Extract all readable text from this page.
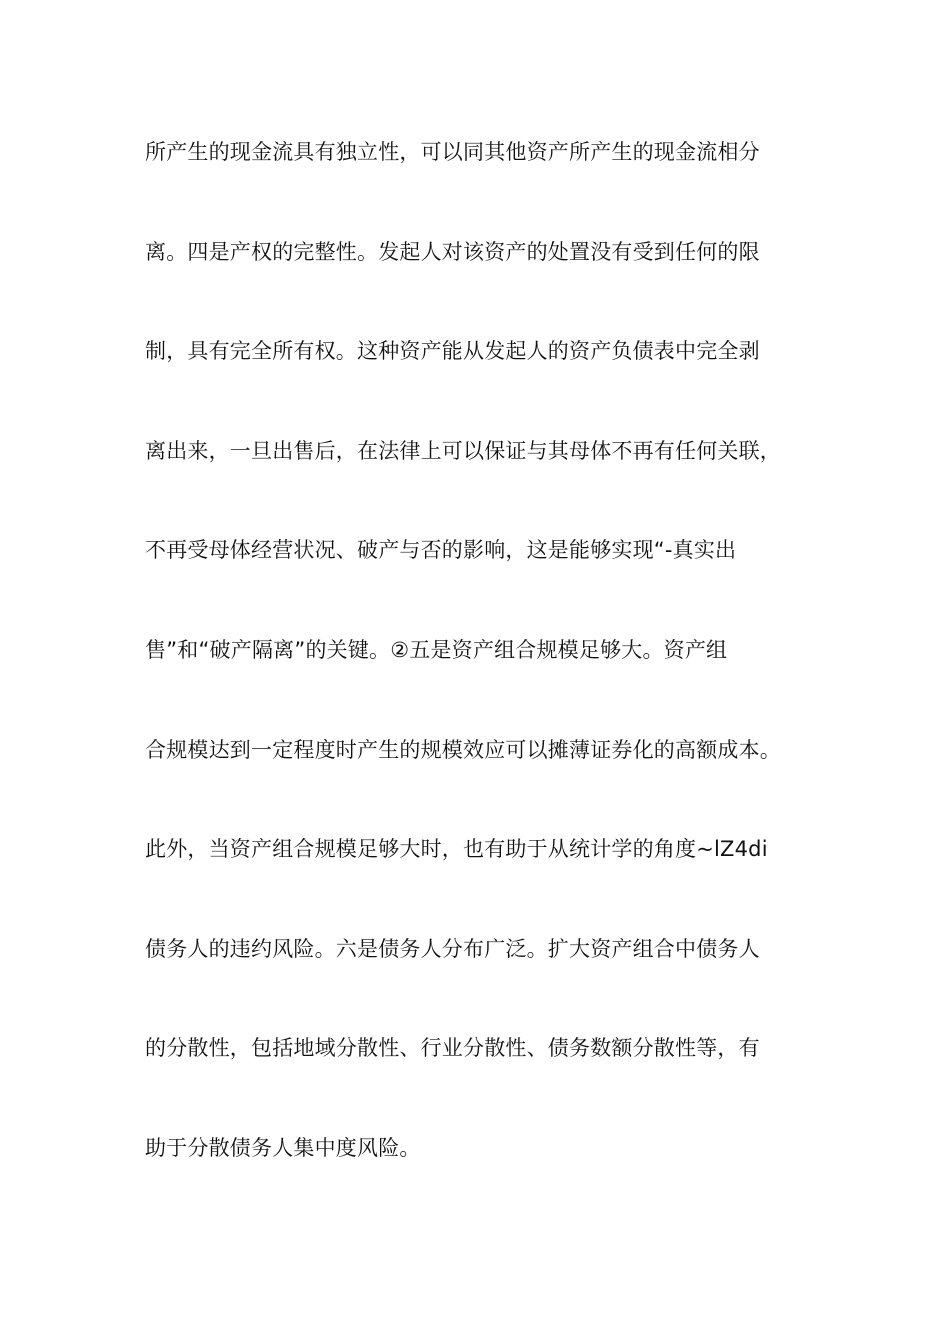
所产生的现金流具有独立性，可以同其他资产所产生的现金流相分
离。四是产权的完整性。发起人对该资产的处置没有受到任何的限
制，具有完全所有权。这种资产能从发起人的资产负债表中完全剥
离出来，一旦出售后，在法律上可以保证与其母体不再有任何关联，
不再受母体经营状况、破产与否的影响，这是能够实现“-真实出
售”和“破产隔离”的关键。②五是资产组合规模足够大。资产组
合规模达到一定程度时产生的规模效应可以摊薄证券化的高额成本。
此外，当资产组合规模足够大时，也有助于从统计学的角度~lZ4di
债务人的违约风险。六是债务人分布广泛。扩大资产组合中债务人
的分散性，包括地域分散性、行业分散性、债务数额分散性等，有
助于分散债务人集中度风险。
